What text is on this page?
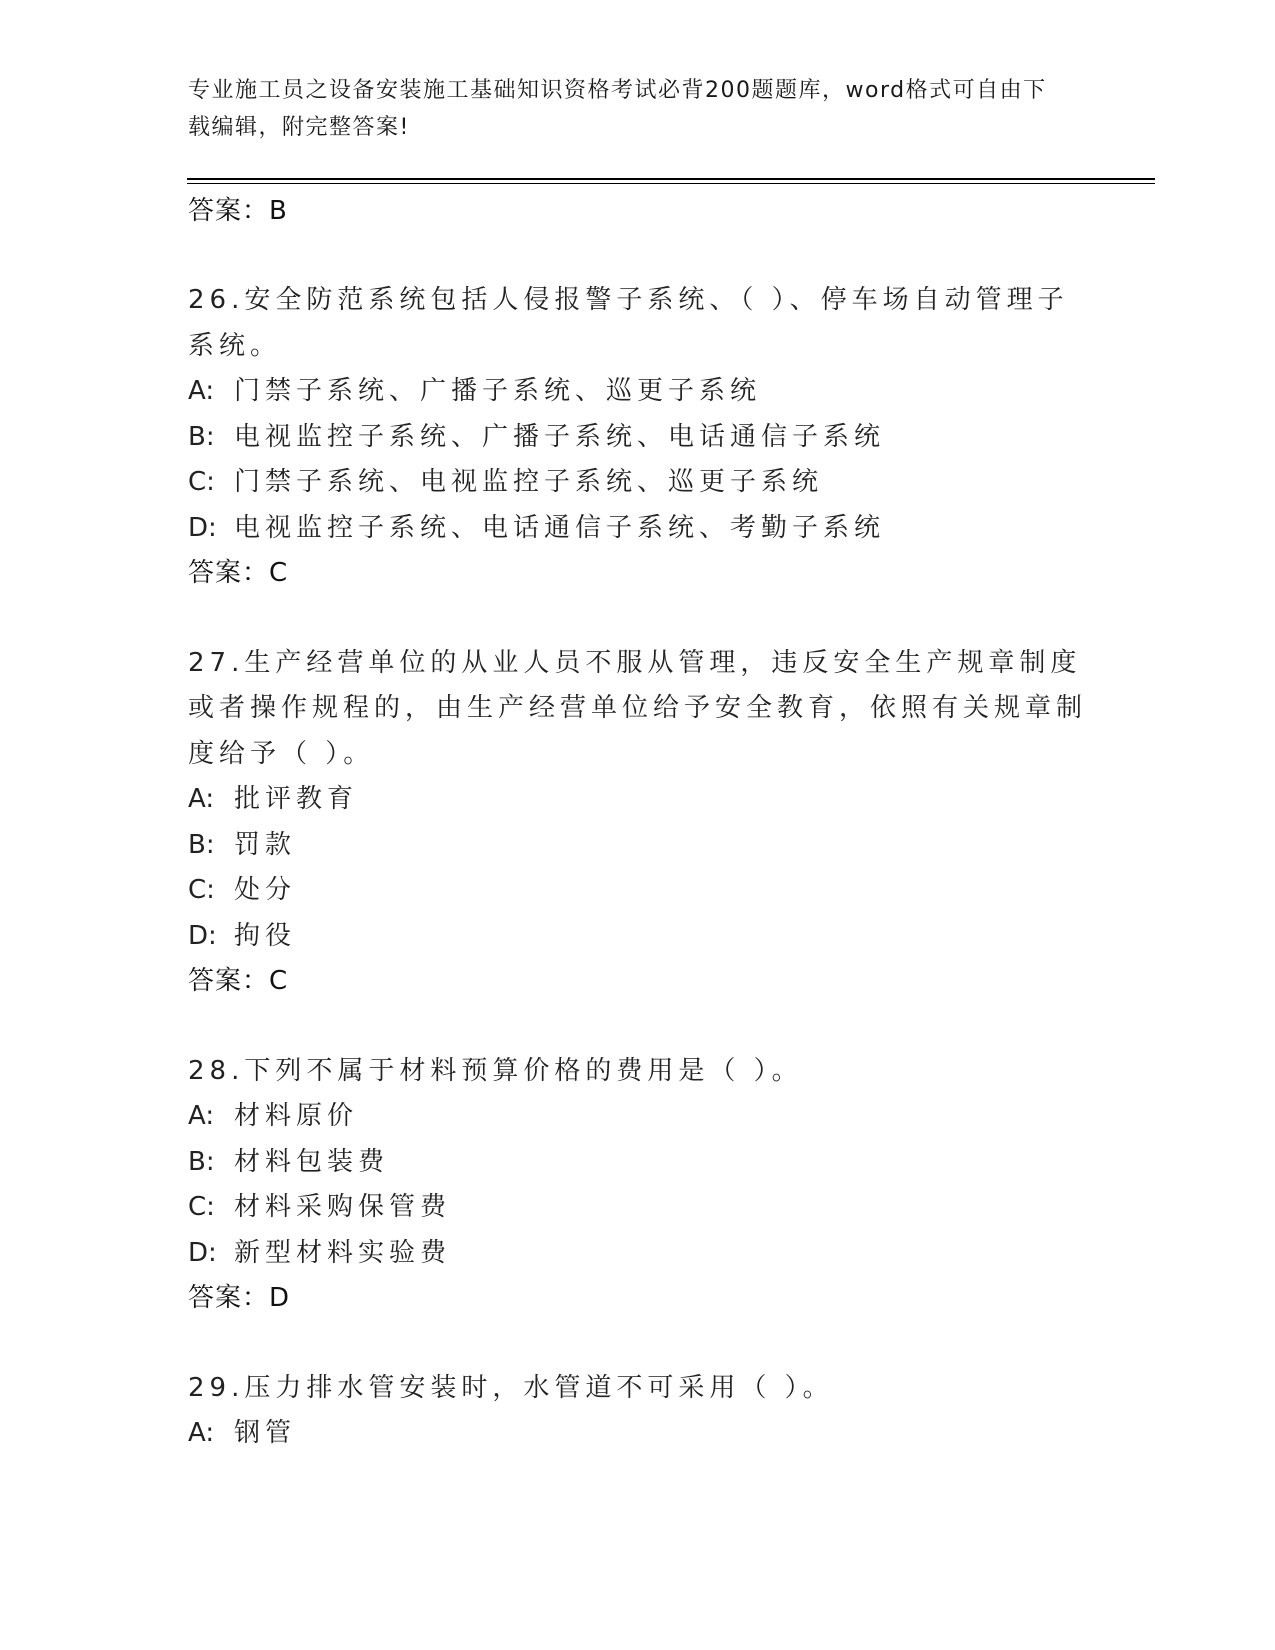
专业施工员之设备安装施工基础知识资格考试必背200题题库，word格式可自由下载编辑，附完整答案!

答案：B

26.安全防范系统包括人侵报警子系统、（ ）、停车场自动管理子系统。

A: 门禁子系统、广播子系统、巡更子系统

B: 电视监控子系统、广播子系统、电话通信子系统

C: 门禁子系统、电视监控子系统、巡更子系统

D: 电视监控子系统、电话通信子系统、考勤子系统

答案：C

27.生产经营单位的从业人员不服从管理，违反安全生产规章制度或者操作规程的，由生产经营单位给予安全教育，依照有关规章制度给予（ ）。

A: 批评教育

B: 罚款

C: 处分

D: 拘役

答案：C

28.下列不属于材料预算价格的费用是（ ）。

A: 材料原价

B: 材料包装费

C: 材料采购保管费

D: 新型材料实验费

答案：D

29.压力排水管安装时，水管道不可采用（ ）。

A: 钢管
